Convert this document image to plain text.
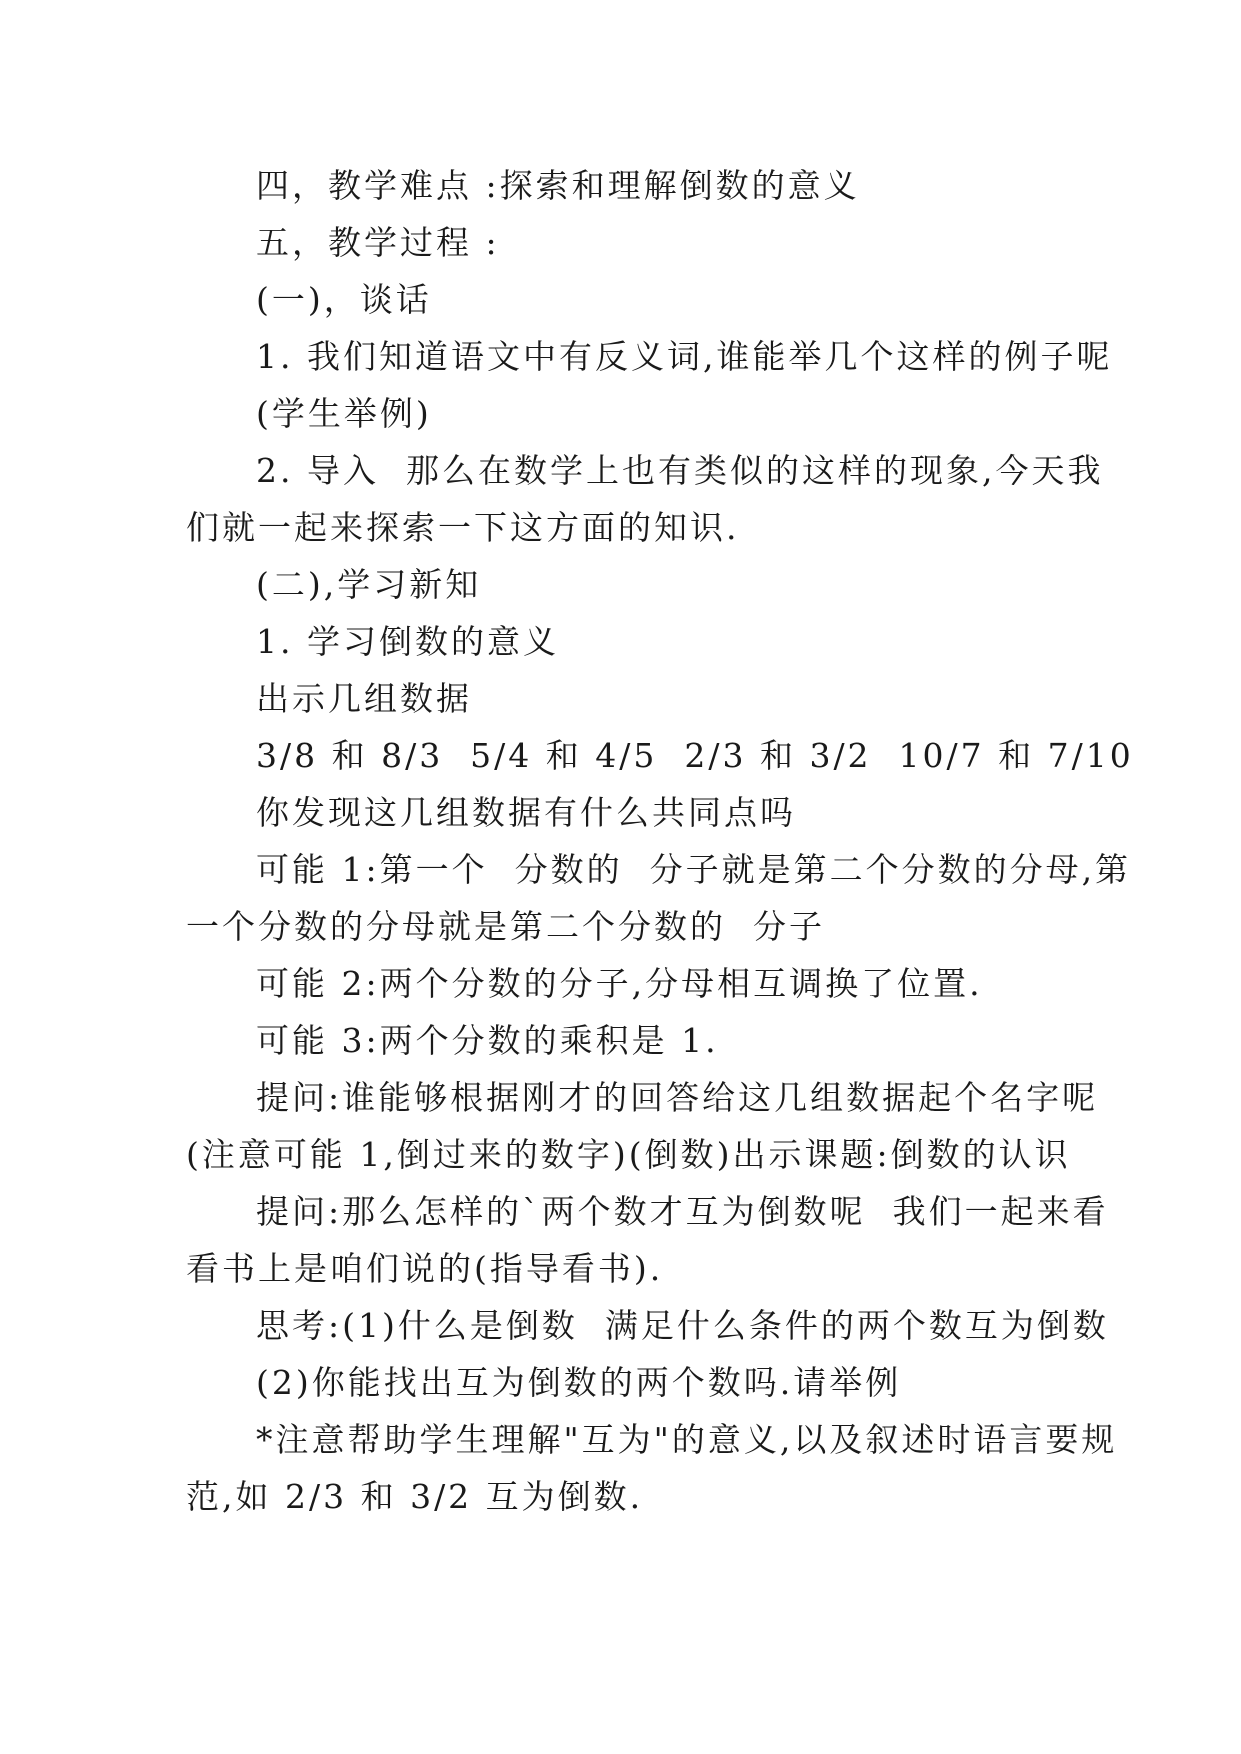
四，教学难点 :探索和理解倒数的意义
五，教学过程 :
(一)，谈话
1. 我们知道语文中有反义词,谁能举几个这样的例子呢
(学生举例)
2. 导入  那么在数学上也有类似的这样的现象,今天我
们就一起来探索一下这方面的知识.
(二),学习新知
1. 学习倒数的意义
出示几组数据
3/8 和 8/3  5/4 和 4/5  2/3 和 3/2  10/7 和 7/10
你发现这几组数据有什么共同点吗
可能 1:第一个  分数的  分子就是第二个分数的分母,第
一个分数的分母就是第二个分数的  分子
可能 2:两个分数的分子,分母相互调换了位置.
可能 3:两个分数的乘积是 1.
提问:谁能够根据刚才的回答给这几组数据起个名字呢
(注意可能 1,倒过来的数字)(倒数)出示课题:倒数的认识
提问:那么怎样的`两个数才互为倒数呢  我们一起来看
看书上是咱们说的(指导看书).
思考:(1)什么是倒数  满足什么条件的两个数互为倒数
(2)你能找出互为倒数的两个数吗.请举例
*注意帮助学生理解"互为"的意义,以及叙述时语言要规
范,如 2/3 和 3/2 互为倒数.
